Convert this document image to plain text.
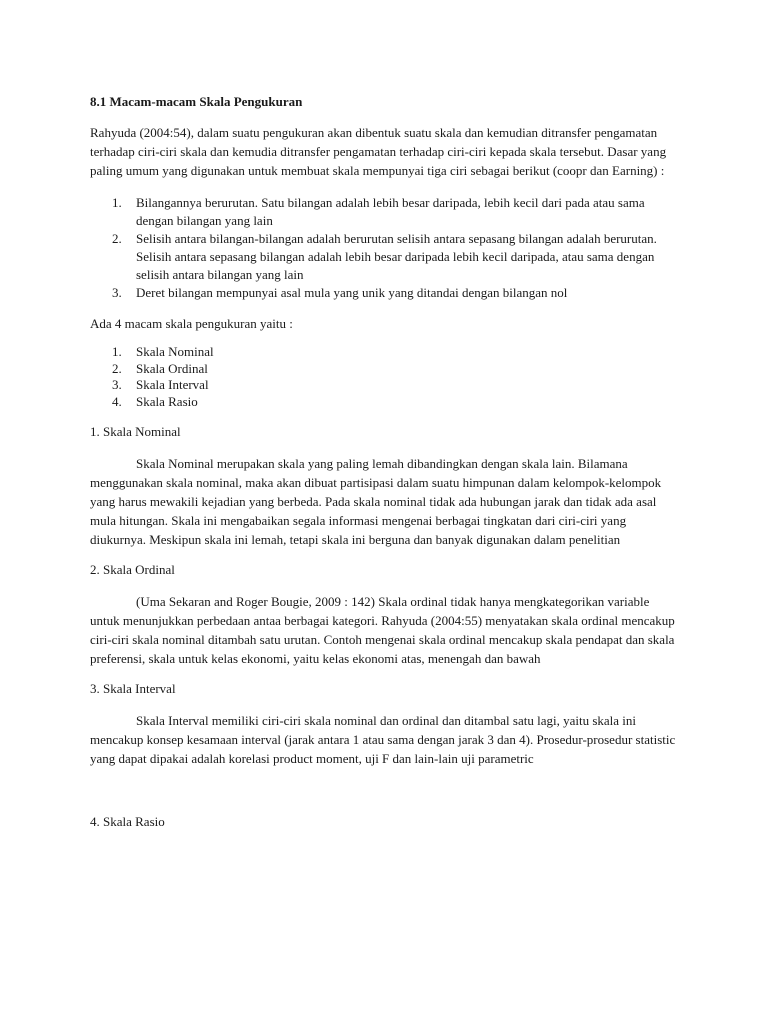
8.1 Macam-macam Skala Pengukuran

Rahyuda (2004:54), dalam suatu pengukuran akan dibentuk suatu skala dan kemudian ditransfer pengamatan terhadap ciri-ciri skala dan kemudia ditransfer pengamatan terhadap ciri-ciri kepada skala tersebut. Dasar yang paling umum yang digunakan untuk membuat skala mempunyai tiga ciri sebagai berikut (coopr dan Earning) :

1. Bilangannya berurutan. Satu bilangan adalah lebih besar daripada, lebih kecil dari pada atau sama dengan bilangan yang lain
2. Selisih antara bilangan-bilangan adalah berurutan selisih antara sepasang bilangan adalah berurutan. Selisih antara sepasang bilangan adalah lebih besar daripada lebih kecil daripada, atau sama dengan selisih antara bilangan yang lain
3. Deret bilangan mempunyai asal mula yang unik yang ditandai dengan bilangan nol

Ada 4 macam skala pengukuran yaitu :

1. Skala Nominal
2. Skala Ordinal
3. Skala Interval
4. Skala Rasio
1. Skala Nominal

Skala Nominal merupakan skala yang paling lemah dibandingkan dengan skala lain. Bilamana menggunakan skala nominal, maka akan dibuat partisipasi dalam suatu himpunan dalam kelompok-kelompok yang harus mewakili kejadian yang berbeda. Pada skala nominal tidak ada hubungan jarak dan tidak ada asal mula hitungan. Skala ini mengabaikan segala informasi mengenai berbagai tingkatan dari ciri-ciri yang diukurnya. Meskipun skala ini lemah, tetapi skala ini berguna dan banyak digunakan dalam penelitian

2. Skala Ordinal

(Uma Sekaran and Roger Bougie, 2009 : 142) Skala ordinal tidak hanya mengkategorikan variable untuk menunjukkan perbedaan antaa berbagai kategori. Rahyuda (2004:55) menyatakan skala ordinal mencakup ciri-ciri skala nominal ditambah satu urutan. Contoh mengenai skala ordinal mencakup skala pendapat dan skala preferensi, skala untuk kelas ekonomi, yaitu kelas ekonomi atas, menengah dan bawah

3. Skala Interval

Skala Interval memiliki ciri-ciri skala nominal dan ordinal dan ditambal satu lagi, yaitu skala ini mencakup konsep kesamaan interval (jarak antara 1 atau sama dengan jarak 3 dan 4). Prosedur-prosedur statistic yang dapat dipakai adalah korelasi product moment, uji F dan lain-lain uji parametric

4. Skala Rasio
